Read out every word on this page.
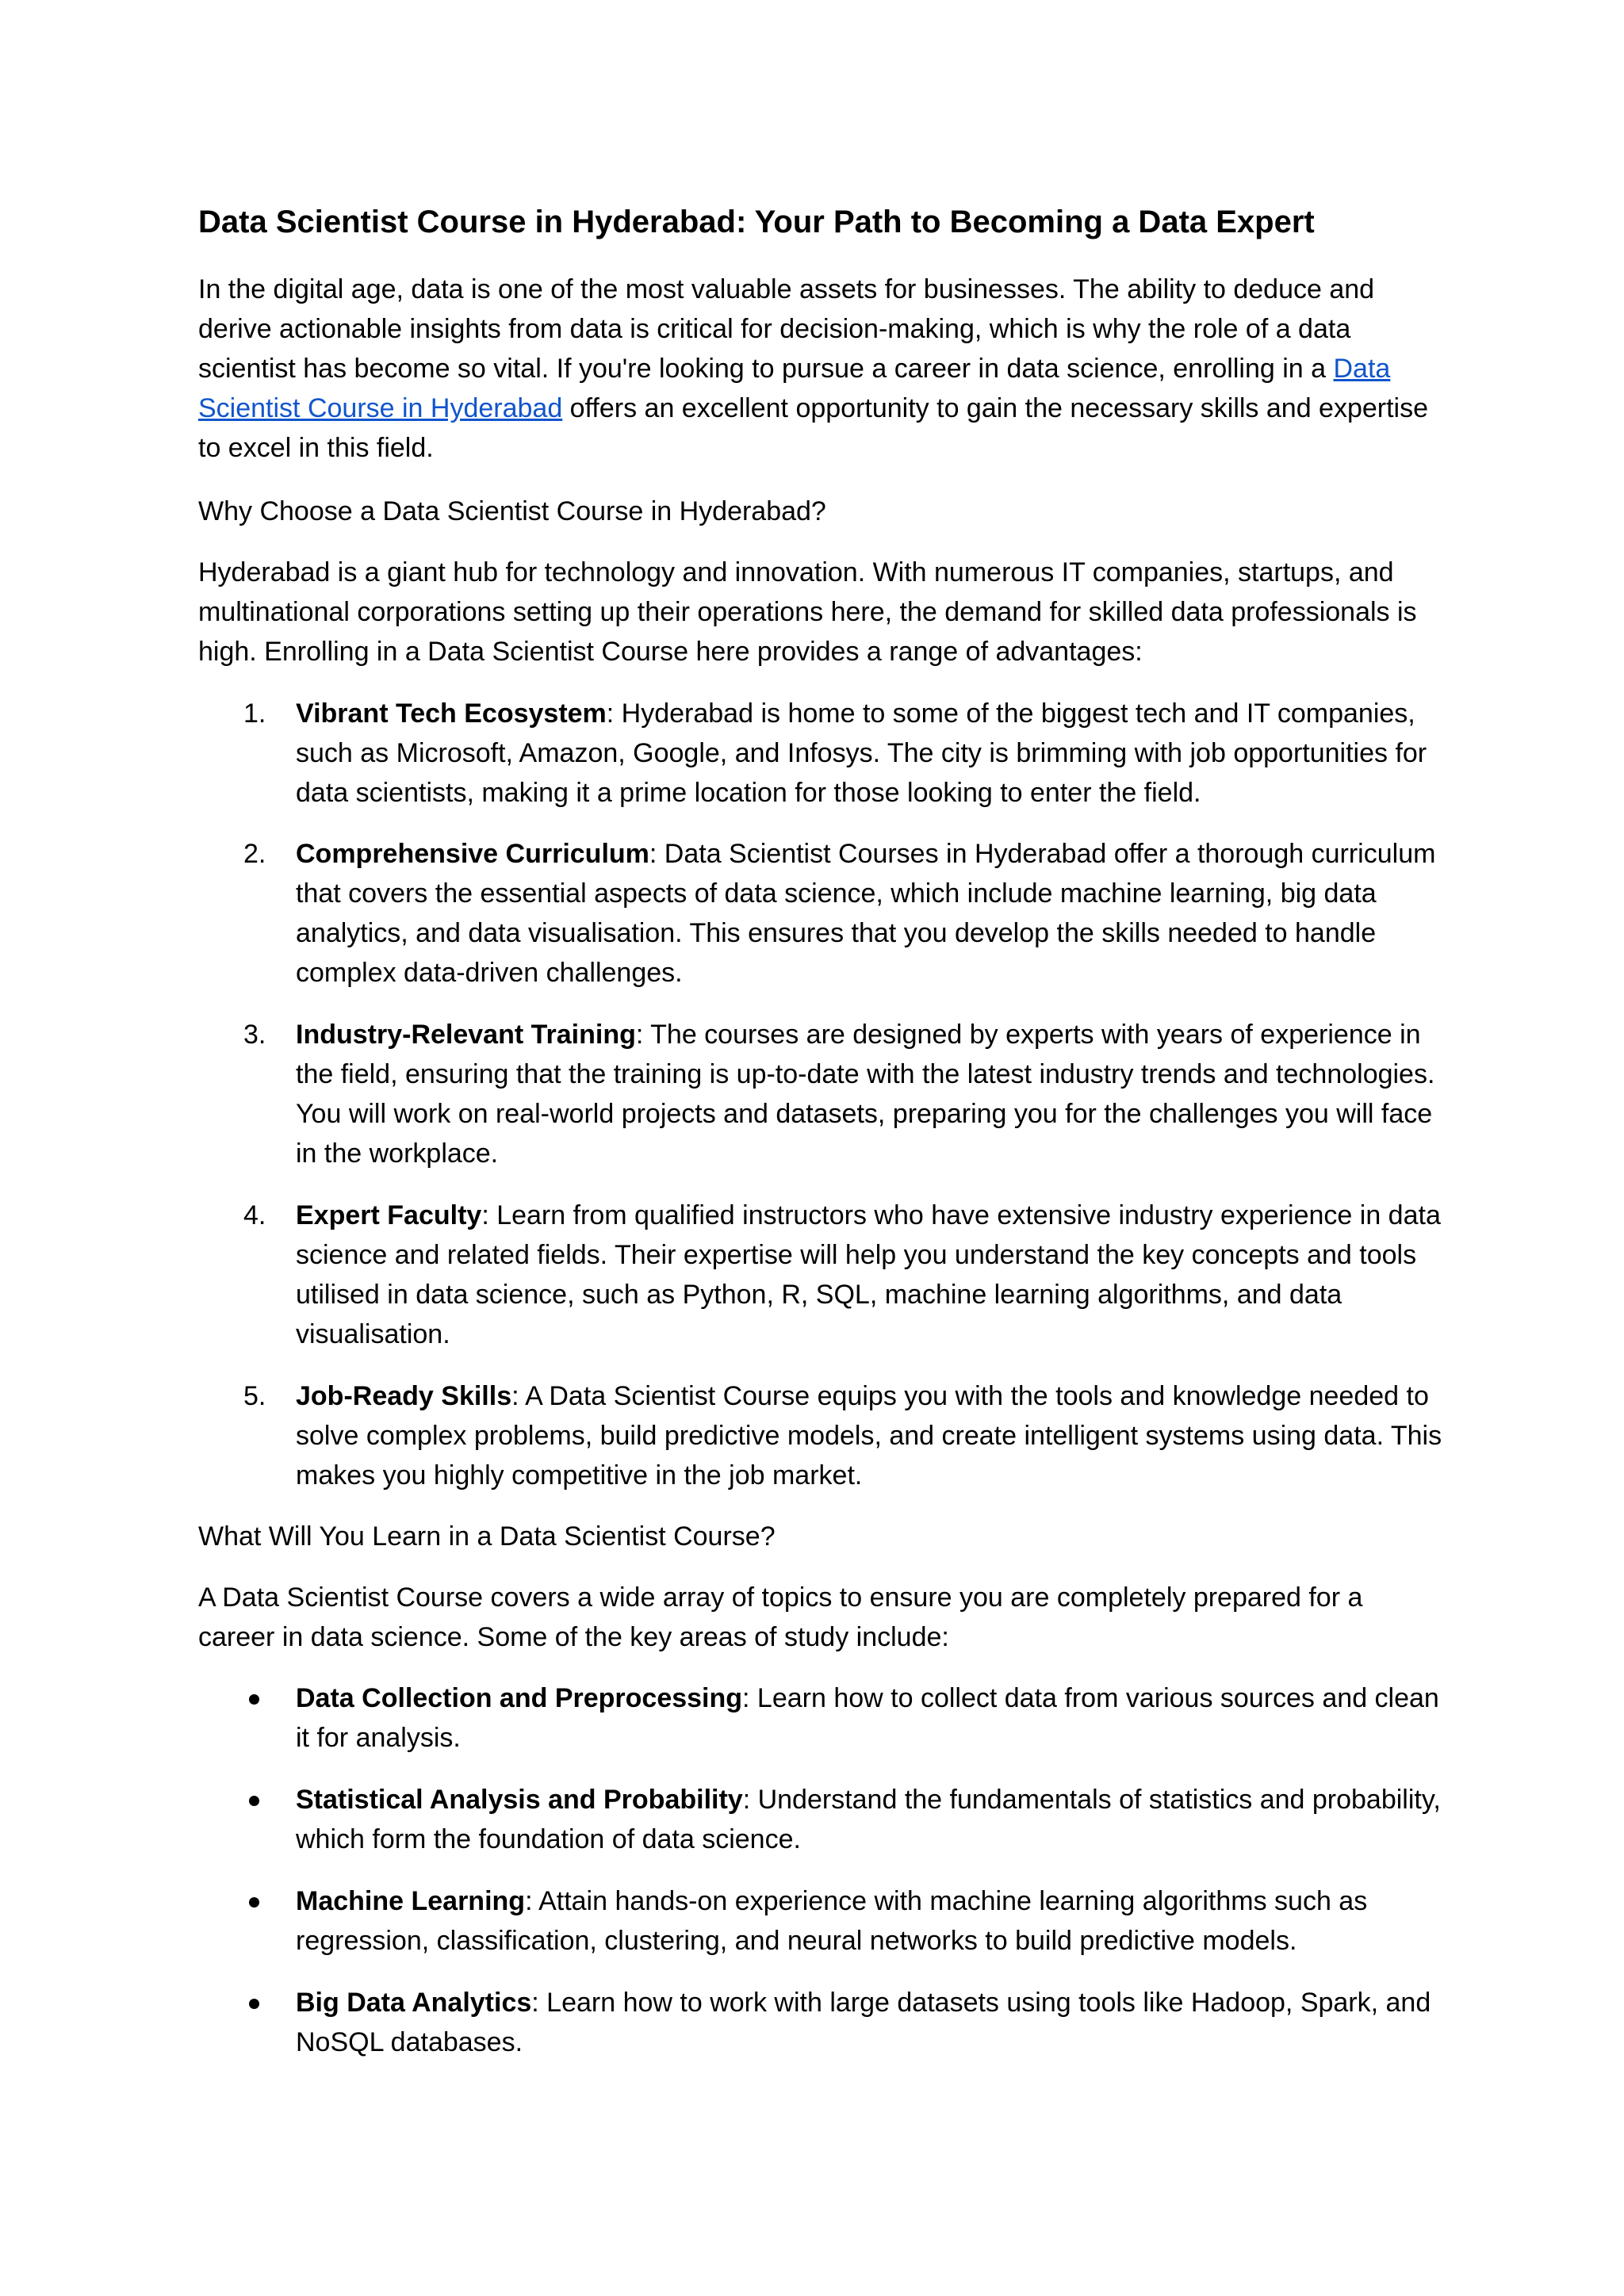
Data Scientist Course in Hyderabad: Your Path to Becoming a Data Expert

In the digital age, data is one of the most valuable assets for businesses. The ability to deduce and derive actionable insights from data is critical for decision-making, which is why the role of a data scientist has become so vital. If you're looking to pursue a career in data science, enrolling in a Data Scientist Course in Hyderabad offers an excellent opportunity to gain the necessary skills and expertise to excel in this field.

Why Choose a Data Scientist Course in Hyderabad?

Hyderabad is a giant hub for technology and innovation. With numerous IT companies, startups, and multinational corporations setting up their operations here, the demand for skilled data professionals is high. Enrolling in a Data Scientist Course here provides a range of advantages:

1.	Vibrant Tech Ecosystem: Hyderabad is home to some of the biggest tech and IT companies, such as Microsoft, Amazon, Google, and Infosys. The city is brimming with job opportunities for data scientists, making it a prime location for those looking to enter the field.
2.	Comprehensive Curriculum: Data Scientist Courses in Hyderabad offer a thorough curriculum that covers the essential aspects of data science, which include machine learning, big data analytics, and data visualisation. This ensures that you develop the skills needed to handle complex data-driven challenges.
3.	Industry-Relevant Training: The courses are designed by experts with years of experience in the field, ensuring that the training is up-to-date with the latest industry trends and technologies. You will work on real-world projects and datasets, preparing you for the challenges you will face in the workplace.
4.	Expert Faculty: Learn from qualified instructors who have extensive industry experience in data science and related fields. Their expertise will help you understand the key concepts and tools utilised in data science, such as Python, R, SQL, machine learning algorithms, and data visualisation.
5.	Job-Ready Skills: A Data Scientist Course equips you with the tools and knowledge needed to solve complex problems, build predictive models, and create intelligent systems using data. This makes you highly competitive in the job market.

What Will You Learn in a Data Scientist Course?

A Data Scientist Course covers a wide array of topics to ensure you are completely prepared for a career in data science. Some of the key areas of study include:

Data Collection and Preprocessing: Learn how to collect data from various sources and clean it for analysis.
Statistical Analysis and Probability: Understand the fundamentals of statistics and probability, which form the foundation of data science.
Machine Learning: Attain hands-on experience with machine learning algorithms such as regression, classification, clustering, and neural networks to build predictive models.
Big Data Analytics: Learn how to work with large datasets using tools like Hadoop, Spark, and NoSQL databases.
